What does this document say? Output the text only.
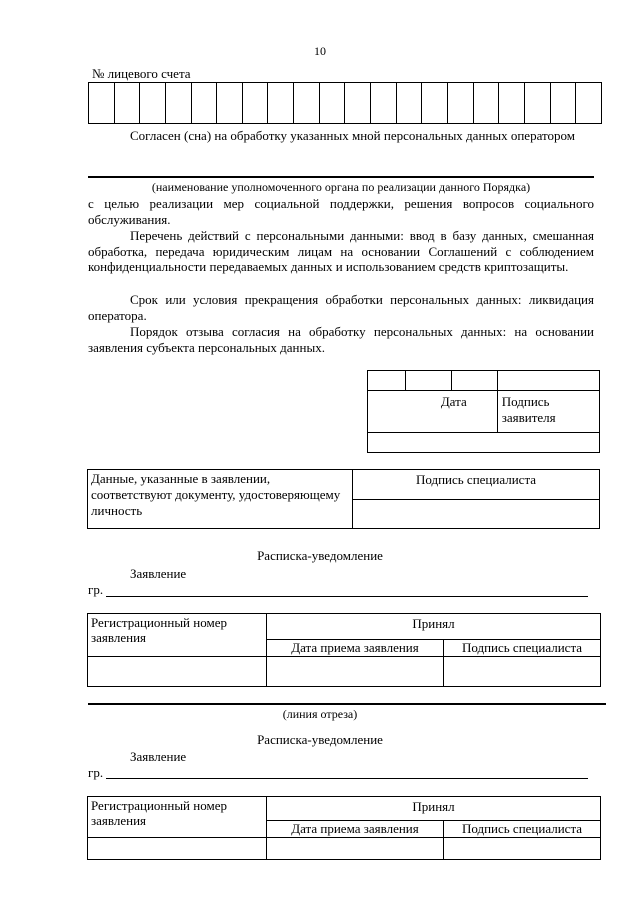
10
№ лицевого счета

Согласен (сна) на обработку указанных мной персональных данных оператором
(наименование уполномоченного органа по реализации данного Порядка)
с целью реализации мер социальной поддержки, решения вопросов социального обслуживания.
Перечень действий с персональными данными: ввод в базу данных, смешанная обработка, передача юридическим лицам на основании Соглашений с соблюдением конфиденциальности передаваемых данных и использованием средств криптозащиты.
Срок или условия прекращения обработки персональных данных: ликвидация оператора.
Порядок отзыва согласия на обработку персональных данных: на основании заявления субъекта персональных данных.

Дата			Подпись заявителя

Данные, указанные в заявлении, соответствуют документу, удостоверяющему личность	Подпись специалиста

Расписка-уведомление
Заявление
гр.
Регистрационный номер заявления	Принял	
	Дата приема заявления	Подпись специалиста

(линия отреза)
Расписка-уведомление
Заявление
гр.
Регистрационный номер заявления	Принял	
	Дата приема заявления	Подпись специалиста
